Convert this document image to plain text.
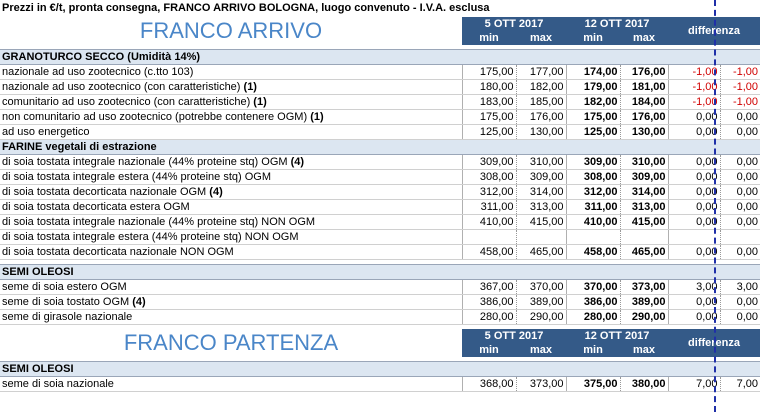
Prezzi in €/t, pronta consegna, FRANCO ARRIVO BOLOGNA, luogo convenuto - I.V.A. esclusa
FRANCO ARRIVO	5 OTT 2017		12 OTT 2017		differenza	
	min	max	min	max		

GRANOTURCO SECCO (Umidità 14%)						
nazionale ad uso zootecnico (c.tto 103)	175,00	177,00	174,00	176,00	-1,00	-1,00
nazionale ad uso zootecnico (con caratteristiche) (1)	180,00	182,00	179,00	181,00	-1,00	-1,00
comunitario ad uso zootecnico (con caratteristiche) (1)	183,00	185,00	182,00	184,00	-1,00	-1,00
non comunitario ad uso zootecnico (potrebbe contenere OGM) (1)	175,00	176,00	175,00	176,00	0,00	0,00
ad uso energetico	125,00	130,00	125,00	130,00	0,00	0,00
FARINE vegetali di estrazione						
di soia tostata integrale nazionale (44% proteine stq) OGM (4)	309,00	310,00	309,00	310,00	0,00	0,00
di soia tostata integrale estera (44% proteine stq) OGM	308,00	309,00	308,00	309,00	0,00	0,00
di soia tostata decorticata nazionale OGM (4)	312,00	314,00	312,00	314,00	0,00	0,00
di soia tostata decorticata estera OGM	311,00	313,00	311,00	313,00	0,00	0,00
di soia tostata integrale nazionale (44% proteine stq) NON OGM	410,00	415,00	410,00	415,00	0,00	0,00
di soia tostata integrale estera (44% proteine stq) NON OGM						
di soia tostata decorticata nazionale NON OGM	458,00	465,00	458,00	465,00	0,00	0,00

SEMI OLEOSI						
seme di soia estero OGM	367,00	370,00	370,00	373,00	3,00	3,00
seme di soia tostato OGM (4)	386,00	389,00	386,00	389,00	0,00	0,00
seme di girasole nazionale	280,00	290,00	280,00	290,00	0,00	0,00

FRANCO PARTENZA	5 OTT 2017		12 OTT 2017		differenza	
	min	max	min	max		

SEMI OLEOSI						
seme di soia nazionale	368,00	373,00	375,00	380,00	7,00	7,00
